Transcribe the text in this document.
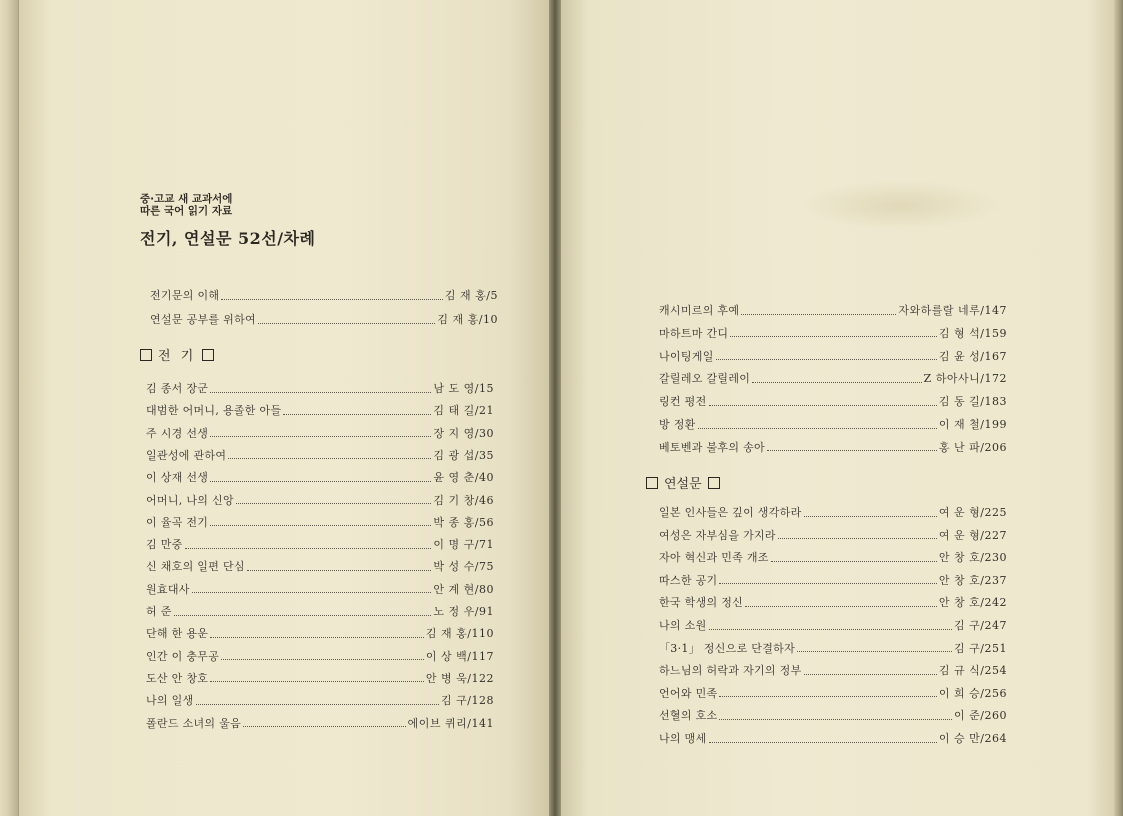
중·고교 새 교과서에
따른 국어 읽기 자료
전기, 연설문 52선/차례
전기문의 이해	김 재 홍/5
연설문 공부를 위하여	김 재 홍/10
전 기
김 종서 장군	남 도 영/15
대범한 어머니, 용졸한 아들	김 태 길/21
주 시경 선생	장 지 영/30
일관성에 관하여	김 광 섭/35
이 상재 선생	윤 영 춘/40
어머니, 나의 신앙	김 기 창/46
이 율곡 전기	박 종 홍/56
김 만중	이 명 구/71
신 채호의 일편 단심	박 성 수/75
원효대사	안 계 현/80
허 준	노 정 우/91
단해 한 용운	김 재 홍/110
인간 이 충무공	이 상 백/117
도산 안 창호	안 병 욱/122
나의 일생	김 구/128
폴란드 소녀의 울음	에이브 퀴리/141
캐시미르의 후예	자와하를랄 네루/147
마하트마 간디	김 형 석/159
나이팅게일	김 윤 성/167
갈릴레오 갈릴레이	Z 하아사니/172
링컨 평전	김 동 길/183
방 정환	이 재 철/199
베토벤과 불후의 송아	홍 난 파/206
연설문
일본 인사들은 깊이 생각하라	여 운 형/225
여성은 자부심을 가지라	여 운 형/227
자아 혁신과 민족 개조	안 창 호/230
따스한 공기	안 창 호/237
한국 학생의 정신	안 창 호/242
나의 소원	김 구/247
「3·1」 정신으로 단결하자	김 구/251
하느님의 허락과 자기의 정부	김 규 식/254
언어와 민족	이 희 승/256
선혈의 호소	이 준/260
나의 맹세	이 승 만/264
